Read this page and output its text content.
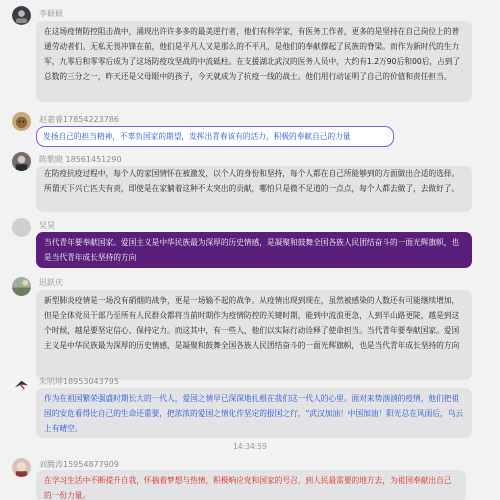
李硕硕
在这场疫情防控阻击战中，涌现出许许多多的最美逆行者，他们有科学家，有医务工作者，更多的是坚持在自己岗位上的普通劳动者们。无私无畏冲锋在前，他们是平凡人又是那么的不平凡，是他们的奉献撑起了民族的脊梁。而作为新时代的生力军，九零后和零零后成为了这场防疫攻坚战的中流砥柱。在支援湖北武汉的医务人员中，大约有1.2万90后和00后，占到了总数的三分之一，昨天还是父母眼中的孩子，今天就成为了抗疫一线的战士。他们用行动证明了自己的价值和责任担当。
赵嘉睿17854223786
发扬自己的担当精神，不辜负国家的期望，发挥出青春该有的活力，积极的奉献自己的力量
陈歌晓 18561451290
在防疫抗疫过程中，每个人的家国情怀在被激发，以个人的身份和坚持，每个人都在自己所能够到的方面做出合适的选择。所谓天下兴亡匹夫有责，即使是在家躺着这种不太突出的贡献，哪怕只是微不足道的一点点，每个人都去做了，去做好了。
吴昊
当代青年要奉献国家。爱国主义是中华民族最为深厚的历史情感，是凝聚和鼓舞全国各族人民团结奋斗的一面光辉旗帜，也是当代青年成长坚持的方向
迟跃庆
新型肺炎疫情是一场没有硝烟的战争，更是一场输不起的战争。从疫情出现到现在，虽然被感染的人数还有可能继续增加，但是全体党员干部乃至所有人民群众都将当前时期作为疫情防控的关键时期，能到中流浪更急，人到半山路更陡，越是到这个时候，越是要坚定信心、保持定力。而这其中，有一些人，他们以实际行动诠释了使命担当。当代青年要奉献国家。爱国主义是中华民族最为深厚的历史情感，是凝聚和鼓舞全国各族人民团结奋斗的一面光辉旗帜，也是当代青年成长坚持的方向
朱明坤18953043795
作为在祖国繁荣强盛时期长大的一代人，爱国之情早已深深地扎根在我们这一代人的心里。面对来势汹汹的疫情，他们把祖国的安危看得比自己的生命还重要，把浓浓的爱国之情化作坚定的报国之行，“武汉加油！中国加油！阳光总在风雨后，乌云上有晴空。
14:34:59
刘腾涛15954877909
在学习生活中不断提升自我，怀揣着梦想与热情，积极响应党和国家的号召，到人民最需要的地方去，为祖国奉献出自己的一份力量。
